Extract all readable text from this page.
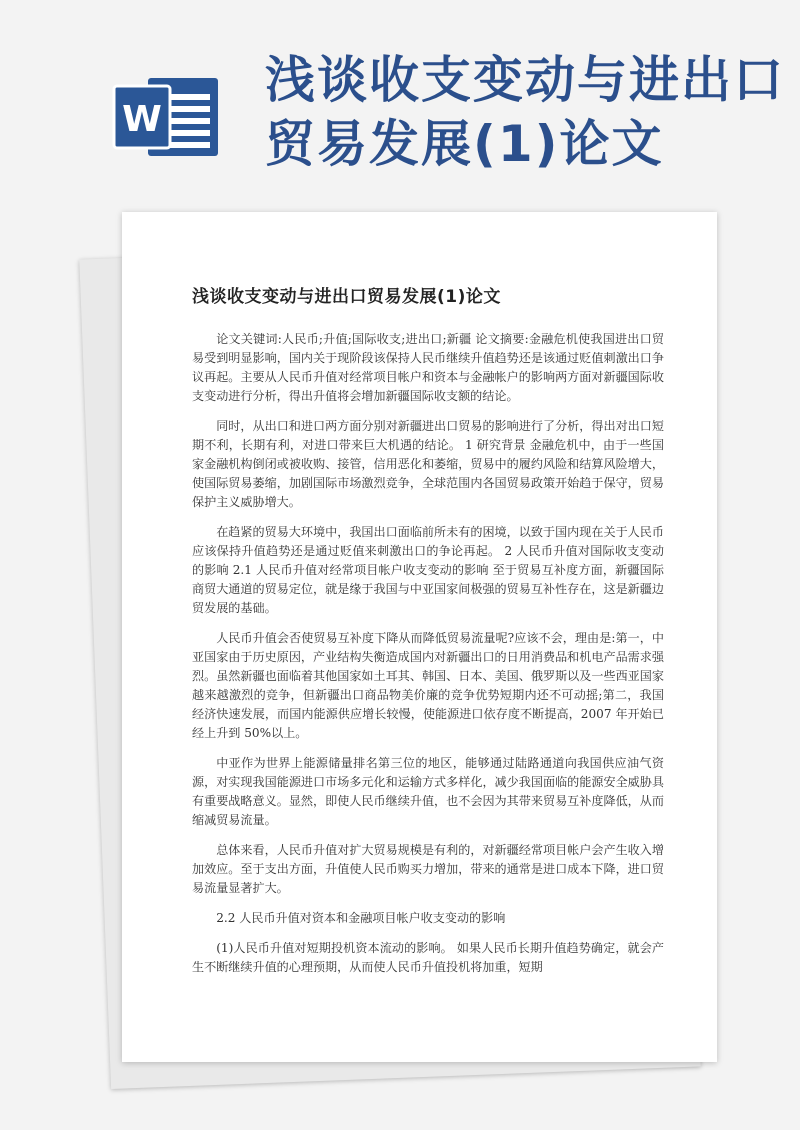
W
浅谈收支变动与进出口贸易发展(1)论文
浅谈收支变动与进出口贸易发展(1)论文

论文关键词:人民币;升值;国际收支;进出口;新疆 论文摘要:金融危机使我国进出口贸易受到明显影响，国内关于现阶段该保持人民币继续升值趋势还是该通过贬值刺激出口争议再起。主要从人民币升值对经常项目帐户和资本与金融帐户的影响两方面对新疆国际收支变动进行分析，得出升值将会增加新疆国际收支额的结论。

同时，从出口和进口两方面分别对新疆进出口贸易的影响进行了分析，得出对出口短期不利，长期有利，对进口带来巨大机遇的结论。 1 研究背景 金融危机中，由于一些国家金融机构倒闭或被收购、接管，信用恶化和萎缩，贸易中的履约风险和结算风险增大，使国际贸易萎缩，加剧国际市场激烈竞争，全球范围内各国贸易政策开始趋于保守，贸易保护主义威胁增大。

在趋紧的贸易大环境中，我国出口面临前所未有的困境，以致于国内现在关于人民币应该保持升值趋势还是通过贬值来刺激出口的争论再起。 2 人民币升值对国际收支变动的影响 2.1 人民币升值对经常项目帐户收支变动的影响 至于贸易互补度方面，新疆国际商贸大通道的贸易定位，就是缘于我国与中亚国家间极强的贸易互补性存在，这是新疆边贸发展的基础。

人民币升值会否使贸易互补度下降从而降低贸易流量呢?应该不会，理由是:第一，中亚国家由于历史原因，产业结构失衡造成国内对新疆出口的日用消费品和机电产品需求强烈。虽然新疆也面临着其他国家如土耳其、韩国、日本、美国、俄罗斯以及一些西亚国家越来越激烈的竞争，但新疆出口商品物美价廉的竞争优势短期内还不可动摇;第二，我国经济快速发展，而国内能源供应增长较慢，使能源进口依存度不断提高，2007 年开始已经上升到 50%以上。

中亚作为世界上能源储量排名第三位的地区，能够通过陆路通道向我国供应油气资源，对实现我国能源进口市场多元化和运输方式多样化，减少我国面临的能源安全威胁具有重要战略意义。显然，即使人民币继续升值，也不会因为其带来贸易互补度降低，从而缩减贸易流量。

总体来看，人民币升值对扩大贸易规模是有利的，对新疆经常项目帐户会产生收入增加效应。至于支出方面，升值使人民币购买力增加，带来的通常是进口成本下降，进口贸易流量显著扩大。

2.2 人民币升值对资本和金融项目帐户收支变动的影响

(1)人民币升值对短期投机资本流动的影响。 如果人民币长期升值趋势确定，就会产生不断继续升值的心理预期，从而使人民币升值投机将加重，短期
